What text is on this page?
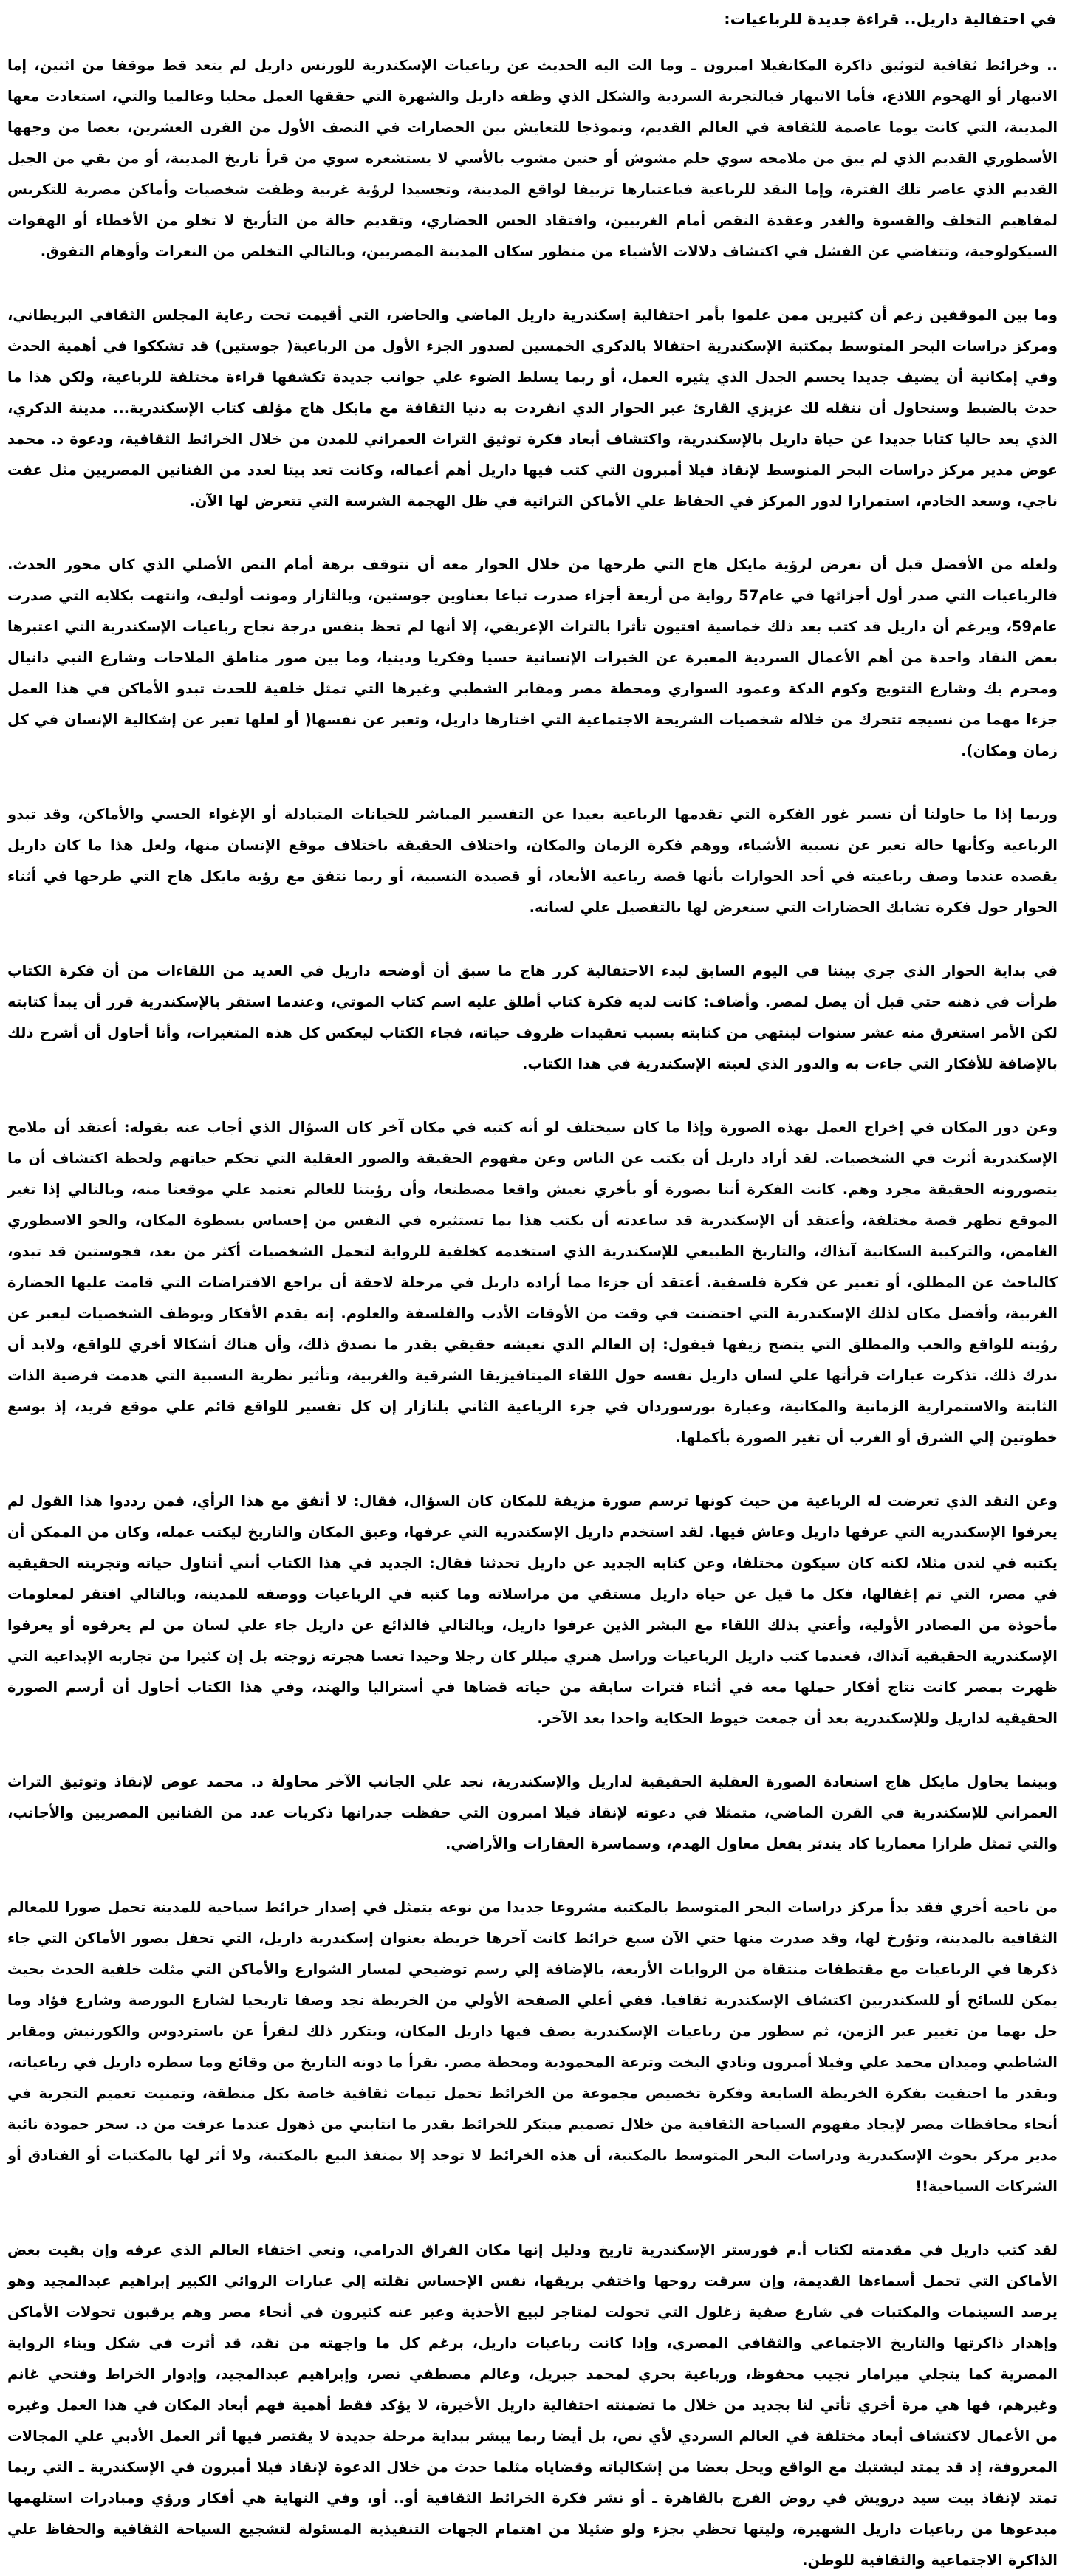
في احتفالية داريل.. قراءة جديدة للرباعيات:

.. وخرائط ثقافية لتوثيق ذاكرة المكانفيلا امبرون ـ وما الت اليه الحديث عن رباعيات الإسكندرية للورنس داريل لم يتعد قط موقفا من اثنين، إما الانبهار أو الهجوم اللاذع، فأما الانبهار فبالتجربة السردية والشكل الذي وظفه داريل والشهرة التي حققها العمل محليا وعالميا والتي، استعادت معها المدينة، التي كانت يوما عاصمة للثقافة في العالم القديم، ونموذجا للتعايش بين الحضارات في النصف الأول من القرن العشرين، بعضا من وجهها الأسطوري القديم الذي لم يبق من ملامحه سوي حلم مشوش أو حنين مشوب بالأسي لا يستشعره سوي من قرأ تاريخ المدينة، أو من بقي من الجيل القديم الذي عاصر تلك الفترة، وإما النقد للرباعية فباعتبارها تزييفا لواقع المدينة، وتجسيدا لرؤية غربية وظفت شخصيات وأماكن مصرية للتكريس لمفاهيم التخلف والقسوة والغدر وعقدة النقص أمام الغربيين، وافتقاد الحس الحضاري، وتقديم حالة من التأريخ لا تخلو من الأخطاء أو الهفوات السيكولوجية، وتتغاضي عن الفشل في اكتشاف دلالات الأشياء من منظور سكان المدينة المصريين، وبالتالي التخلص من النعرات وأوهام التفوق.

وما بين الموقفين زعم أن كثيرين ممن علموا بأمر احتفالية إسكندرية داريل الماضي والحاضر، التي أقيمت تحت رعاية المجلس الثقافي البريطاني، ومركز دراسات البحر المتوسط بمكتبة الإسكندرية احتفالا بالذكري الخمسين لصدور الجزء الأول من الرباعية( جوستين) قد تشككوا في أهمية الحدث وفي إمكانية أن يضيف جديدا يحسم الجدل الذي يثيره العمل، أو ربما يسلط الضوء علي جوانب جديدة تكشفها قراءة مختلفة للرباعية، ولكن هذا ما حدث بالضبط وسنحاول أن ننقله لك عزيزي القارئ عبر الحوار الذي انفردت به دنيا الثقافة مع مايكل هاج مؤلف كتاب الإسكندرية... مدينة الذكري، الذي يعد حاليا كتابا جديدا عن حياة داريل بالإسكندرية، واكتشاف أبعاد فكرة توثيق التراث العمراني للمدن من خلال الخرائط الثقافية، ودعوة د. محمد عوض مدير مركز دراسات البحر المتوسط لإنقاذ فيلا أمبرون التي كتب فيها داريل أهم أعماله، وكانت تعد بيتا لعدد من الفنانين المصريين مثل عفت ناجي، وسعد الخادم، استمرارا لدور المركز في الحفاظ علي الأماكن التراثية في ظل الهجمة الشرسة التي تتعرض لها الآن.

ولعله من الأفضل قبل أن نعرض لرؤية مايكل هاج التي طرحها من خلال الحوار معه أن نتوقف برهة أمام النص الأصلي الذي كان محور الحدث. فالرباعيات التي صدر أول أجزائها في عام57 رواية من أربعة أجزاء صدرت تباعا بعناوين جوستين، وبالثازار ومونت أوليف، وانتهت بكلايه التي صدرت عام59، وبرغم أن داريل قد كتب بعد ذلك خماسية افتيون تأثرا بالتراث الإغريقي، إلا أنها لم تحظ بنفس درجة نجاح رباعيات الإسكندرية التي اعتبرها بعض النقاد واحدة من أهم الأعمال السردية المعبرة عن الخبرات الإنسانية حسيا وفكريا ودينيا، وما بين صور مناطق الملاحات وشارع النبي دانيال ومحرم بك وشارع التتويج وكوم الدكة وعمود السواري ومحطة مصر ومقابر الشطبي وغيرها التي تمثل خلفية للحدث تبدو الأماكن في هذا العمل جزءا مهما من نسيجه تتحرك من خلاله شخصيات الشريحة الاجتماعية التي اختارها داريل، وتعبر عن نفسها( أو لعلها تعبر عن إشكالية الإنسان في كل زمان ومكان).

وربما إذا ما حاولنا أن نسبر غور الفكرة التي تقدمها الرباعية بعيدا عن التفسير المباشر للخيانات المتبادلة أو الإغواء الحسي والأماكن، وقد تبدو الرباعية وكأنها حالة تعبر عن نسبية الأشياء، ووهم فكرة الزمان والمكان، واختلاف الحقيقة باختلاف موقع الإنسان منها، ولعل هذا ما كان داريل يقصده عندما وصف رباعيته في أحد الحوارات بأنها قصة رباعية الأبعاد، أو قصيدة النسبية، أو ربما نتفق مع رؤية مايكل هاج التي طرحها في أثناء الحوار حول فكرة تشابك الحضارات التي سنعرض لها بالتفصيل علي لسانه.

في بداية الحوار الذي جري بيننا في اليوم السابق لبدء الاحتفالية كرر هاج ما سبق أن أوضحه داريل في العديد من اللقاءات من أن فكرة الكتاب طرأت في ذهنه حتي قبل أن يصل لمصر. وأضاف: كانت لديه فكرة كتاب أطلق عليه اسم كتاب الموتي، وعندما استقر بالإسكندرية قرر أن يبدأ كتابته لكن الأمر استغرق منه عشر سنوات لينتهي من كتابته بسبب تعقيدات ظروف حياته، فجاء الكتاب ليعكس كل هذه المتغيرات، وأنا أحاول أن أشرح ذلك بالإضافة للأفكار التي جاءت به والدور الذي لعبته الإسكندرية في هذا الكتاب.

وعن دور المكان في إخراج العمل بهذه الصورة وإذا ما كان سيختلف لو أنه كتبه في مكان آخر كان السؤال الذي أجاب عنه بقوله: أعتقد أن ملامح الإسكندرية أثرت في الشخصيات. لقد أراد داريل أن يكتب عن الناس وعن مفهوم الحقيقة والصور العقلية التي تحكم حياتهم ولحظة اكتشاف أن ما يتصورونه الحقيقة مجرد وهم. كانت الفكرة أننا بصورة أو بأخري نعيش واقعا مصطنعا، وأن رؤيتنا للعالم تعتمد علي موقعنا منه، وبالتالي إذا تغير الموقع تظهر قصة مختلفة، وأعتقد أن الإسكندرية قد ساعدته أن يكتب هذا بما تستثيره في النفس من إحساس بسطوة المكان، والجو الاسطوري الغامض، والتركيبة السكانية آنذاك، والتاريخ الطبيعي للإسكندرية الذي استخدمه كخلفية للرواية لتحمل الشخصيات أكثر من بعد، فجوستين قد تبدو، كالباحث عن المطلق، أو تعبير عن فكرة فلسفية. أعتقد أن جزءا مما أراده داريل في مرحلة لاحقة أن يراجع الافتراضات التي قامت عليها الحضارة الغربية، وأفضل مكان لذلك الإسكندرية التي احتضنت في وقت من الأوقات الأدب والفلسفة والعلوم. إنه يقدم الأفكار ويوظف الشخصيات ليعبر عن رؤيته للواقع والحب والمطلق التي يتضح زيفها فيقول: إن العالم الذي نعيشه حقيقي بقدر ما نصدق ذلك، وأن هناك أشكالا أخري للواقع، ولابد أن ندرك ذلك. تذكرت عبارات قرأتها علي لسان داريل نفسه حول اللقاء الميتافيزيقا الشرقية والغربية، وتأثير نظرية النسبية التي هدمت فرضية الذات الثابتة والاستمرارية الزمانية والمكانية، وعبارة بورسوردان في جزء الرباعية الثاني بلتازار إن كل تفسير للواقع قائم علي موقع فريد، إذ بوسع خطوتين إلي الشرق أو الغرب أن تغير الصورة بأكملها.

وعن النقد الذي تعرضت له الرباعية من حيث كونها ترسم صورة مزيفة للمكان كان السؤال، فقال: لا أتفق مع هذا الرأي، فمن رددوا هذا القول لم يعرفوا الإسكندرية التي عرفها داريل وعاش فيها. لقد استخدم داريل الإسكندرية التي عرفها، وعبق المكان والتاريخ ليكتب عمله، وكان من الممكن أن يكتبه في لندن مثلا، لكنه كان سيكون مختلفا، وعن كتابه الجديد عن داريل تحدثنا فقال: الجديد في هذا الكتاب أنني أتناول حياته وتجربته الحقيقية في مصر، التي تم إغفالها، فكل ما قيل عن حياة داريل مستقي من مراسلاته وما كتبه في الرباعيات ووصفه للمدينة، وبالتالي افتقر لمعلومات مأخوذة من المصادر الأولية، وأعني بذلك اللقاء مع البشر الذين عرفوا داريل، وبالتالي فالذائع عن داريل جاء علي لسان من لم يعرفوه أو يعرفوا الإسكندرية الحقيقية آنذاك، فعندما كتب داريل الرباعيات وراسل هنري ميللر كان رجلا وحيدا تعسا هجرته زوجته بل إن كثيرا من تجاربه الإبداعية التي ظهرت بمصر كانت نتاج أفكار حملها معه في أثناء فترات سابقة من حياته قضاها في أستراليا والهند، وفي هذا الكتاب أحاول أن أرسم الصورة الحقيقية لداريل وللإسكندرية بعد أن جمعت خيوط الحكاية واحدا بعد الآخر.

وبينما يحاول مايكل هاج استعادة الصورة العقلية الحقيقية لداريل والإسكندرية، نجد علي الجانب الآخر محاولة د. محمد عوض لإنقاذ وتوثيق التراث العمراني للإسكندرية في القرن الماضي، متمثلا في دعوته لإنقاذ فيلا امبرون التي حفظت جدرانها ذكريات عدد من الفنانين المصريين والأجانب، والتي تمثل طرازا معماريا كاد يندثر بفعل معاول الهدم، وسماسرة العقارات والأراضي.

من ناحية أخري فقد بدأ مركز دراسات البحر المتوسط بالمكتبة مشروعا جديدا من نوعه يتمثل في إصدار خرائط سياحية للمدينة تحمل صورا للمعالم الثقافية بالمدينة، وتؤرخ لها، وقد صدرت منها حتي الآن سبع خرائط كانت آخرها خريطة بعنوان إسكندرية داريل، التي تحفل بصور الأماكن التي جاء ذكرها في الرباعيات مع مقتطفات منتقاة من الروايات الأربعة، بالإضافة إلي رسم توضيحي لمسار الشوارع والأماكن التي مثلت خلفية الحدث بحيث يمكن للسائح أو للسكندريين اكتشاف الإسكندرية ثقافيا. ففي أعلي الصفحة الأولي من الخريطة نجد وصفا تاريخيا لشارع البورصة وشارع فؤاد وما حل بهما من تغيير عبر الزمن، ثم سطور من رباعيات الإسكندرية يصف فيها داريل المكان، ويتكرر ذلك لنقرأ عن باستردوس والكورنيش ومقابر الشاطبي وميدان محمد علي وفيلا أمبرون ونادي اليخت وترعة المحمودية ومحطة مصر. نقرأ ما دونه التاريخ من وقائع وما سطره داريل في رباعياته، وبقدر ما احتفيت بفكرة الخريطة السابعة وفكرة تخصيص مجموعة من الخرائط تحمل تيمات ثقافية خاصة بكل منطقة، وتمنيت تعميم التجربة في أنحاء محافظات مصر لإيجاد مفهوم السياحة الثقافية من خلال تصميم مبتكر للخرائط بقدر ما انتابني من ذهول عندما عرفت من د. سحر حمودة نائبة مدير مركز بحوث الإسكندرية ودراسات البحر المتوسط بالمكتبة، أن هذه الخرائط لا توجد إلا بمنفذ البيع بالمكتبة، ولا أثر لها بالمكتبات أو الفنادق أو الشركات السياحية!!

لقد كتب داريل في مقدمته لكتاب أ.م فورستر الإسكندرية تاريخ ودليل إنها مكان الفراق الدرامي، ونعي اختفاء العالم الذي عرفه وإن بقيت بعض الأماكن التي تحمل أسماءها القديمة، وإن سرقت روحها واختفي بريقها، نفس الإحساس نقلته إلي عبارات الروائي الكبير إبراهيم عبدالمجيد وهو يرصد السينمات والمكتبات في شارع صفية زغلول التي تحولت لمتاجر لبيع الأحذية وعبر عنه كثيرون في أنحاء مصر وهم يرقبون تحولات الأماكن وإهدار ذاكرتها والتاريخ الاجتماعي والثقافي المصري، وإذا كانت رباعيات داريل، برغم كل ما واجهته من نقد، قد أثرت في شكل وبناء الرواية المصرية كما يتجلي ميرامار نجيب محفوظ، ورباعية بحري لمحمد جبريل، وعالم مصطفي نصر، وإبراهيم عبدالمجيد، وإدوار الخراط وفتحي غانم وغيرهم، فها هي مرة أخري تأتي لنا بجديد من خلال ما تضمنته احتفالية داريل الأخيرة، لا يؤكد فقط أهمية فهم أبعاد المكان في هذا العمل وغيره من الأعمال لاكتشاف أبعاد مختلفة في العالم السردي لأي نص، بل أيضا ربما يبشر ببداية مرحلة جديدة لا يقتصر فيها أثر العمل الأدبي علي المجالات المعروفة، إذ قد يمتد ليشتبك مع الواقع ويحل بعضا من إشكالياته وقضاياه مثلما حدث من خلال الدعوة لإنقاذ فيلا أمبرون في الإسكندرية ـ التي ربما تمتد لإنقاذ بيت سيد درويش في روض الفرج بالقاهرة ـ أو نشر فكرة الخرائط الثقافية أو.. أو، وفي النهاية هي أفكار ورؤي ومبادرات استلهمها مبدعوها من رباعيات داريل الشهيرة، وليتها تحظي بجزء ولو ضئيلا من اهتمام الجهات التنفيذية المسئولة لتشجيع السياحة الثقافية والحفاظ علي الذاكرة الاجتماعية والثقافية للوطن.
